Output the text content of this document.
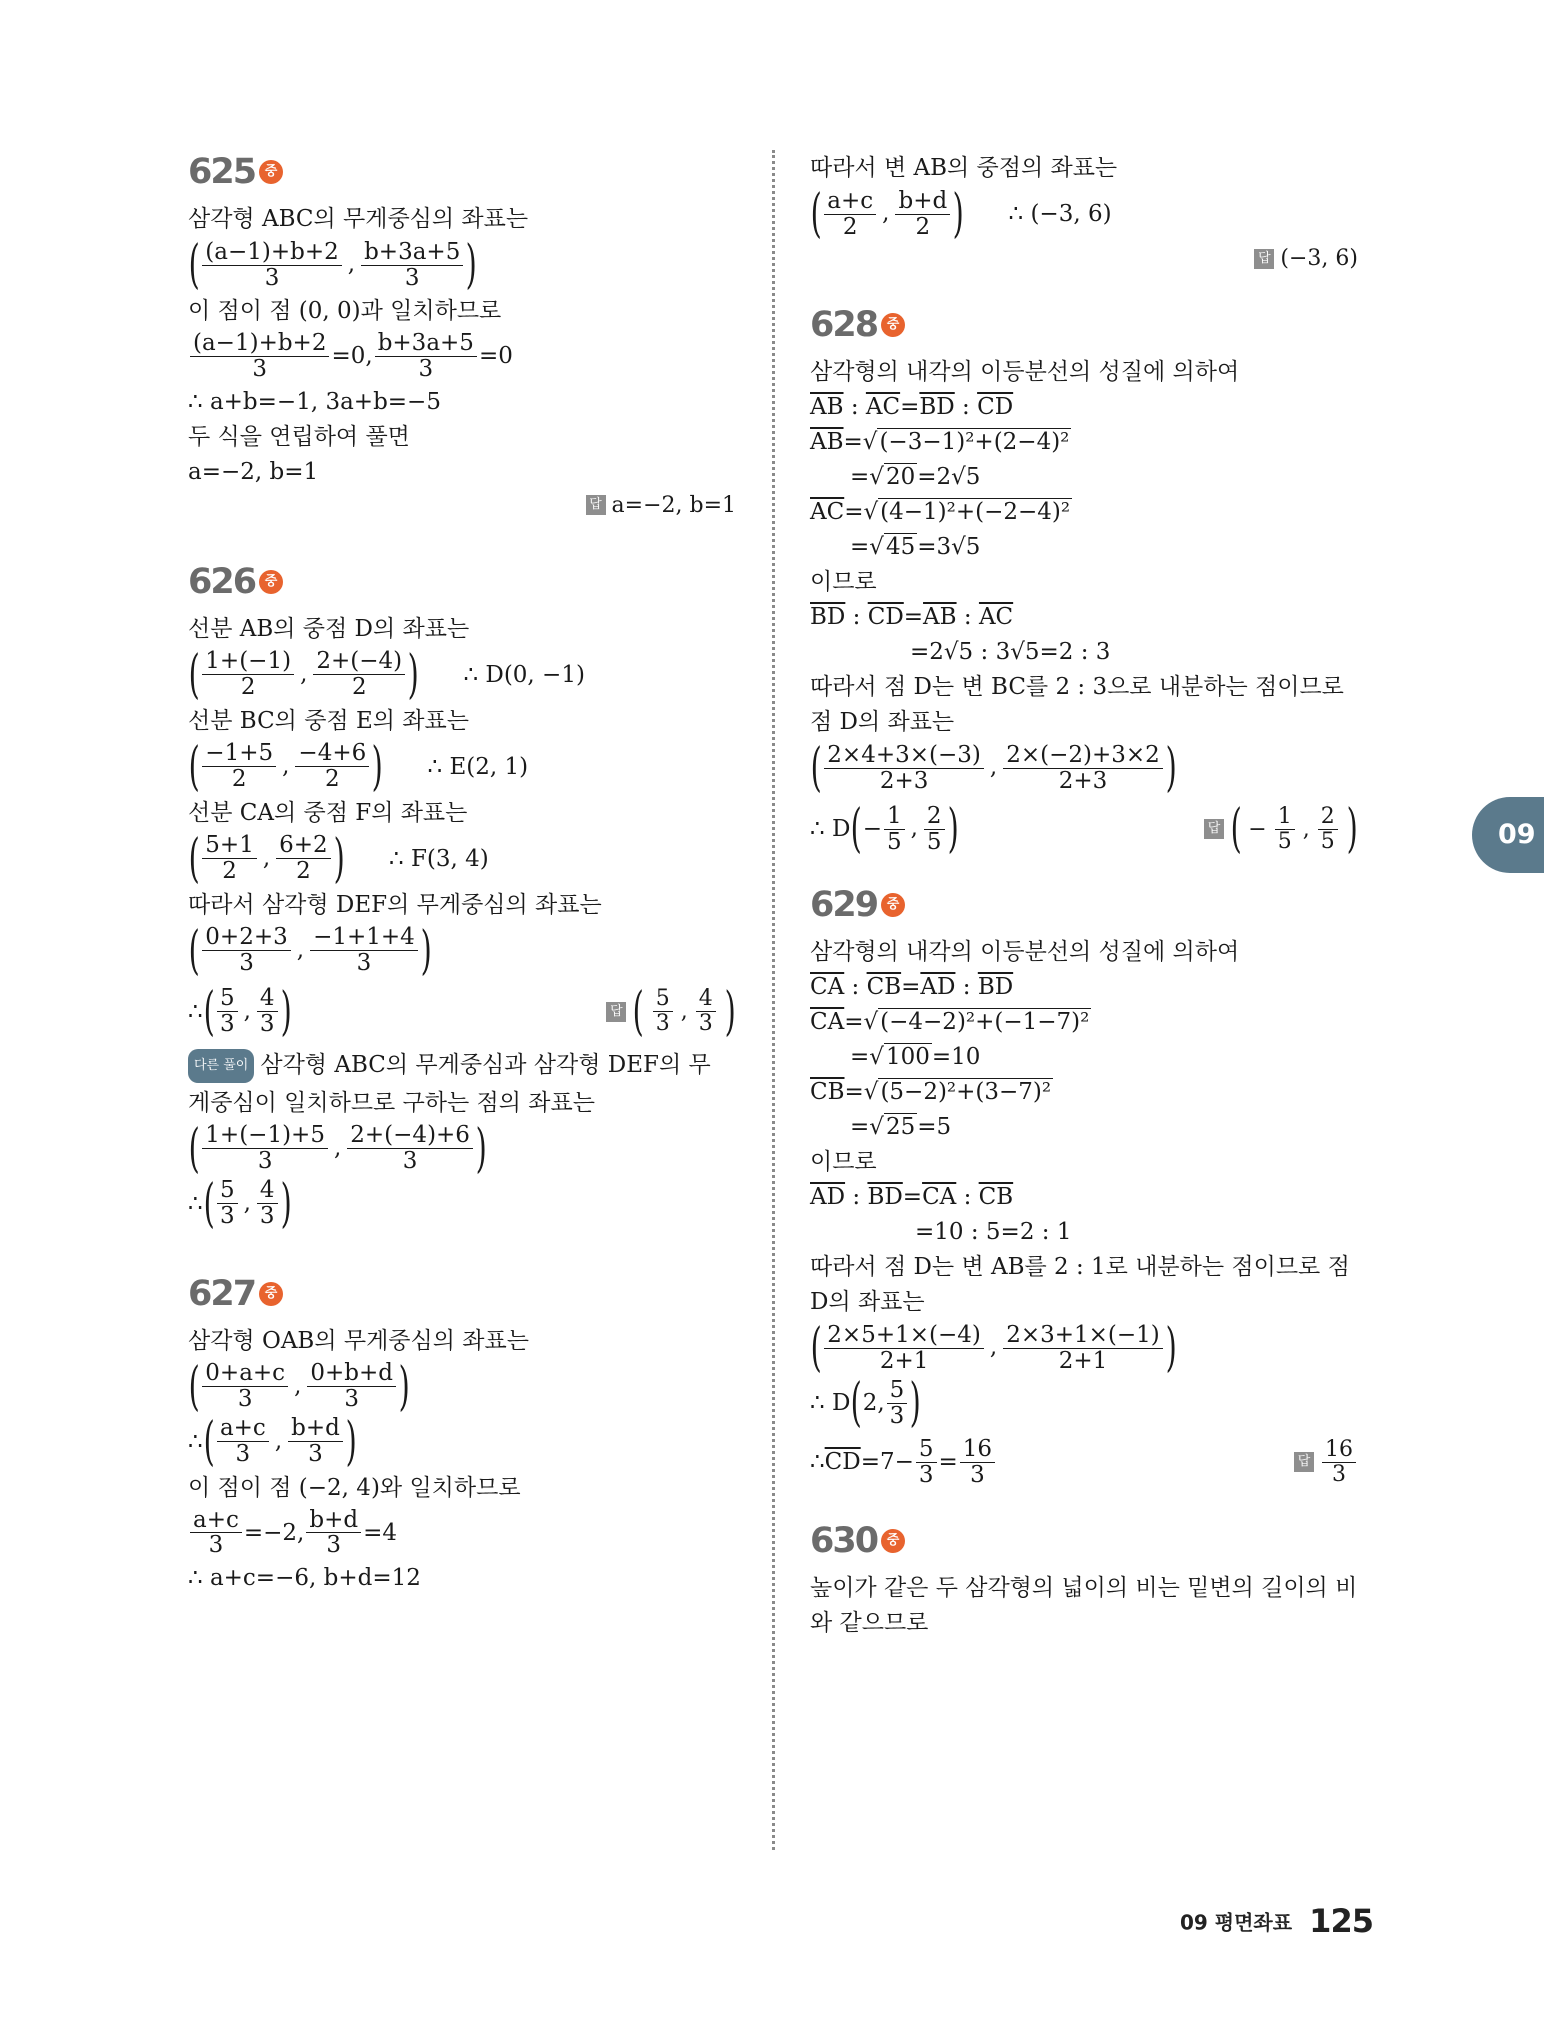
09
625 중
삼각형 ABC의 무게중심의 좌표는
( $\frac{(a-1)+b+2}{3}$ , $\frac{b+3a+5}{3}$ )
이 점이 점 (0, 0)과 일치하므로
$\frac{(a-1)+b+2}{3} =0$, $\frac{b+3a+5}{3} =0$
∴ a+b=−1, 3a+b=−5
두 식을 연립하여 풀면
a=−2, b=1
답 a=−2, b=1
626 중
선분 AB의 중점 D의 좌표는
( $\frac{1+(-1)}{2}$ , $\frac{2+(-4)}{2}$ ) ∴ D(0, −1)
선분 BC의 중점 E의 좌표는
( $\frac{-1+5}{2}$ , $\frac{-4+6}{2}$ ) ∴ E(2, 1)
선분 CA의 중점 F의 좌표는
( $\frac{5+1}{2}$ , $\frac{6+2}{2}$ ) ∴ F(3, 4)
따라서 삼각형 DEF의 무게중심의 좌표는
( $\frac{0+2+3}{3}$ , $\frac{-1+1+4}{3}$ )
∴ ( $\frac{5}{3}$ , $\frac{4}{3}$ )	답 ( $\frac{5}{3}$ , $\frac{4}{3}$ )
다른 풀이 삼각형 ABC의 무게중심과 삼각형 DEF의 무
게중심이 일치하므로 구하는 점의 좌표는
( $\frac{1+(-1)+5}{3}$ , $\frac{2+(-4)+6}{3}$ )
∴ ( $\frac{5}{3}$ , $\frac{4}{3}$ )
627 중
삼각형 OAB의 무게중심의 좌표는
( $\frac{0+a+c}{3}$ , $\frac{0+b+d}{3}$ )
∴ ( $\frac{a+c}{3}$ , $\frac{b+d}{3}$ )
이 점이 점 (−2, 4)와 일치하므로
$\frac{a+c}{3} =-2$, $\frac{b+d}{3} =4$
∴ a+c=−6, b+d=12
따라서 변 AB의 중점의 좌표는
( $\frac{a+c}{2}$ , $\frac{b+d}{2}$ ) ∴ (−3, 6)
답 (−3, 6)
628 중
삼각형의 내각의 이등분선의 성질에 의하여
$\overline{AB}$ : $\overline{AC}=\overline{BD}$ : $\overline{CD}$
$\overline{AB}=√(-3-1)^2+(2-4)^2$
=√20=2√5
$\overline{AC}=√(4-1)^2+(-2-4)^2$
=√45=3√5
이므로
$\overline{BD}$ : $\overline{CD}=\overline{AB}$ : $\overline{AC}$
=2√5 : 3√5=2 : 3
따라서 점 D는 변 BC를 2 : 3으로 내분하는 점이므로
점 D의 좌표는
( $\frac{2\times 4+3\times(-3)}{2+3}$ , $\frac{2\times(-2)+3\times 2}{2+3}$ )
∴ D ( − $\frac{1}{5}$ , $\frac{2}{5}$ )	답 ( − $\frac{1}{5}$ , $\frac{2}{5}$ )
629 중
삼각형의 내각의 이등분선의 성질에 의하여
$\overline{CA}$ : $\overline{CB}=\overline{AD}$ : $\overline{BD}$
$\overline{CA}=√(-4-2)^2+(-1-7)^2$
=√100=10
$\overline{CB}=√(5-2)^2+(3-7)^2$
=√25=5
이므로
$\overline{AD}$ : $\overline{BD}=\overline{CA}$ : $\overline{CB}$
=10 : 5=2 : 1
따라서 점 D는 변 AB를 2 : 1로 내분하는 점이므로 점
D의 좌표는
( $\frac{2\times 5+1\times(-4)}{2+1}$ , $\frac{2\times 3+1\times(-1)}{2+1}$ )
∴ D ( 2, $\frac{5}{3}$ )
∴ $\overline{CD} =7- \frac{5}{3} = \frac{16}{3}$	답 $\frac{16}{3}$
630 중
높이가 같은 두 삼각형의 넓이의 비는 밑변의 길이의 비
와 같으므로
09 평면좌표 125
